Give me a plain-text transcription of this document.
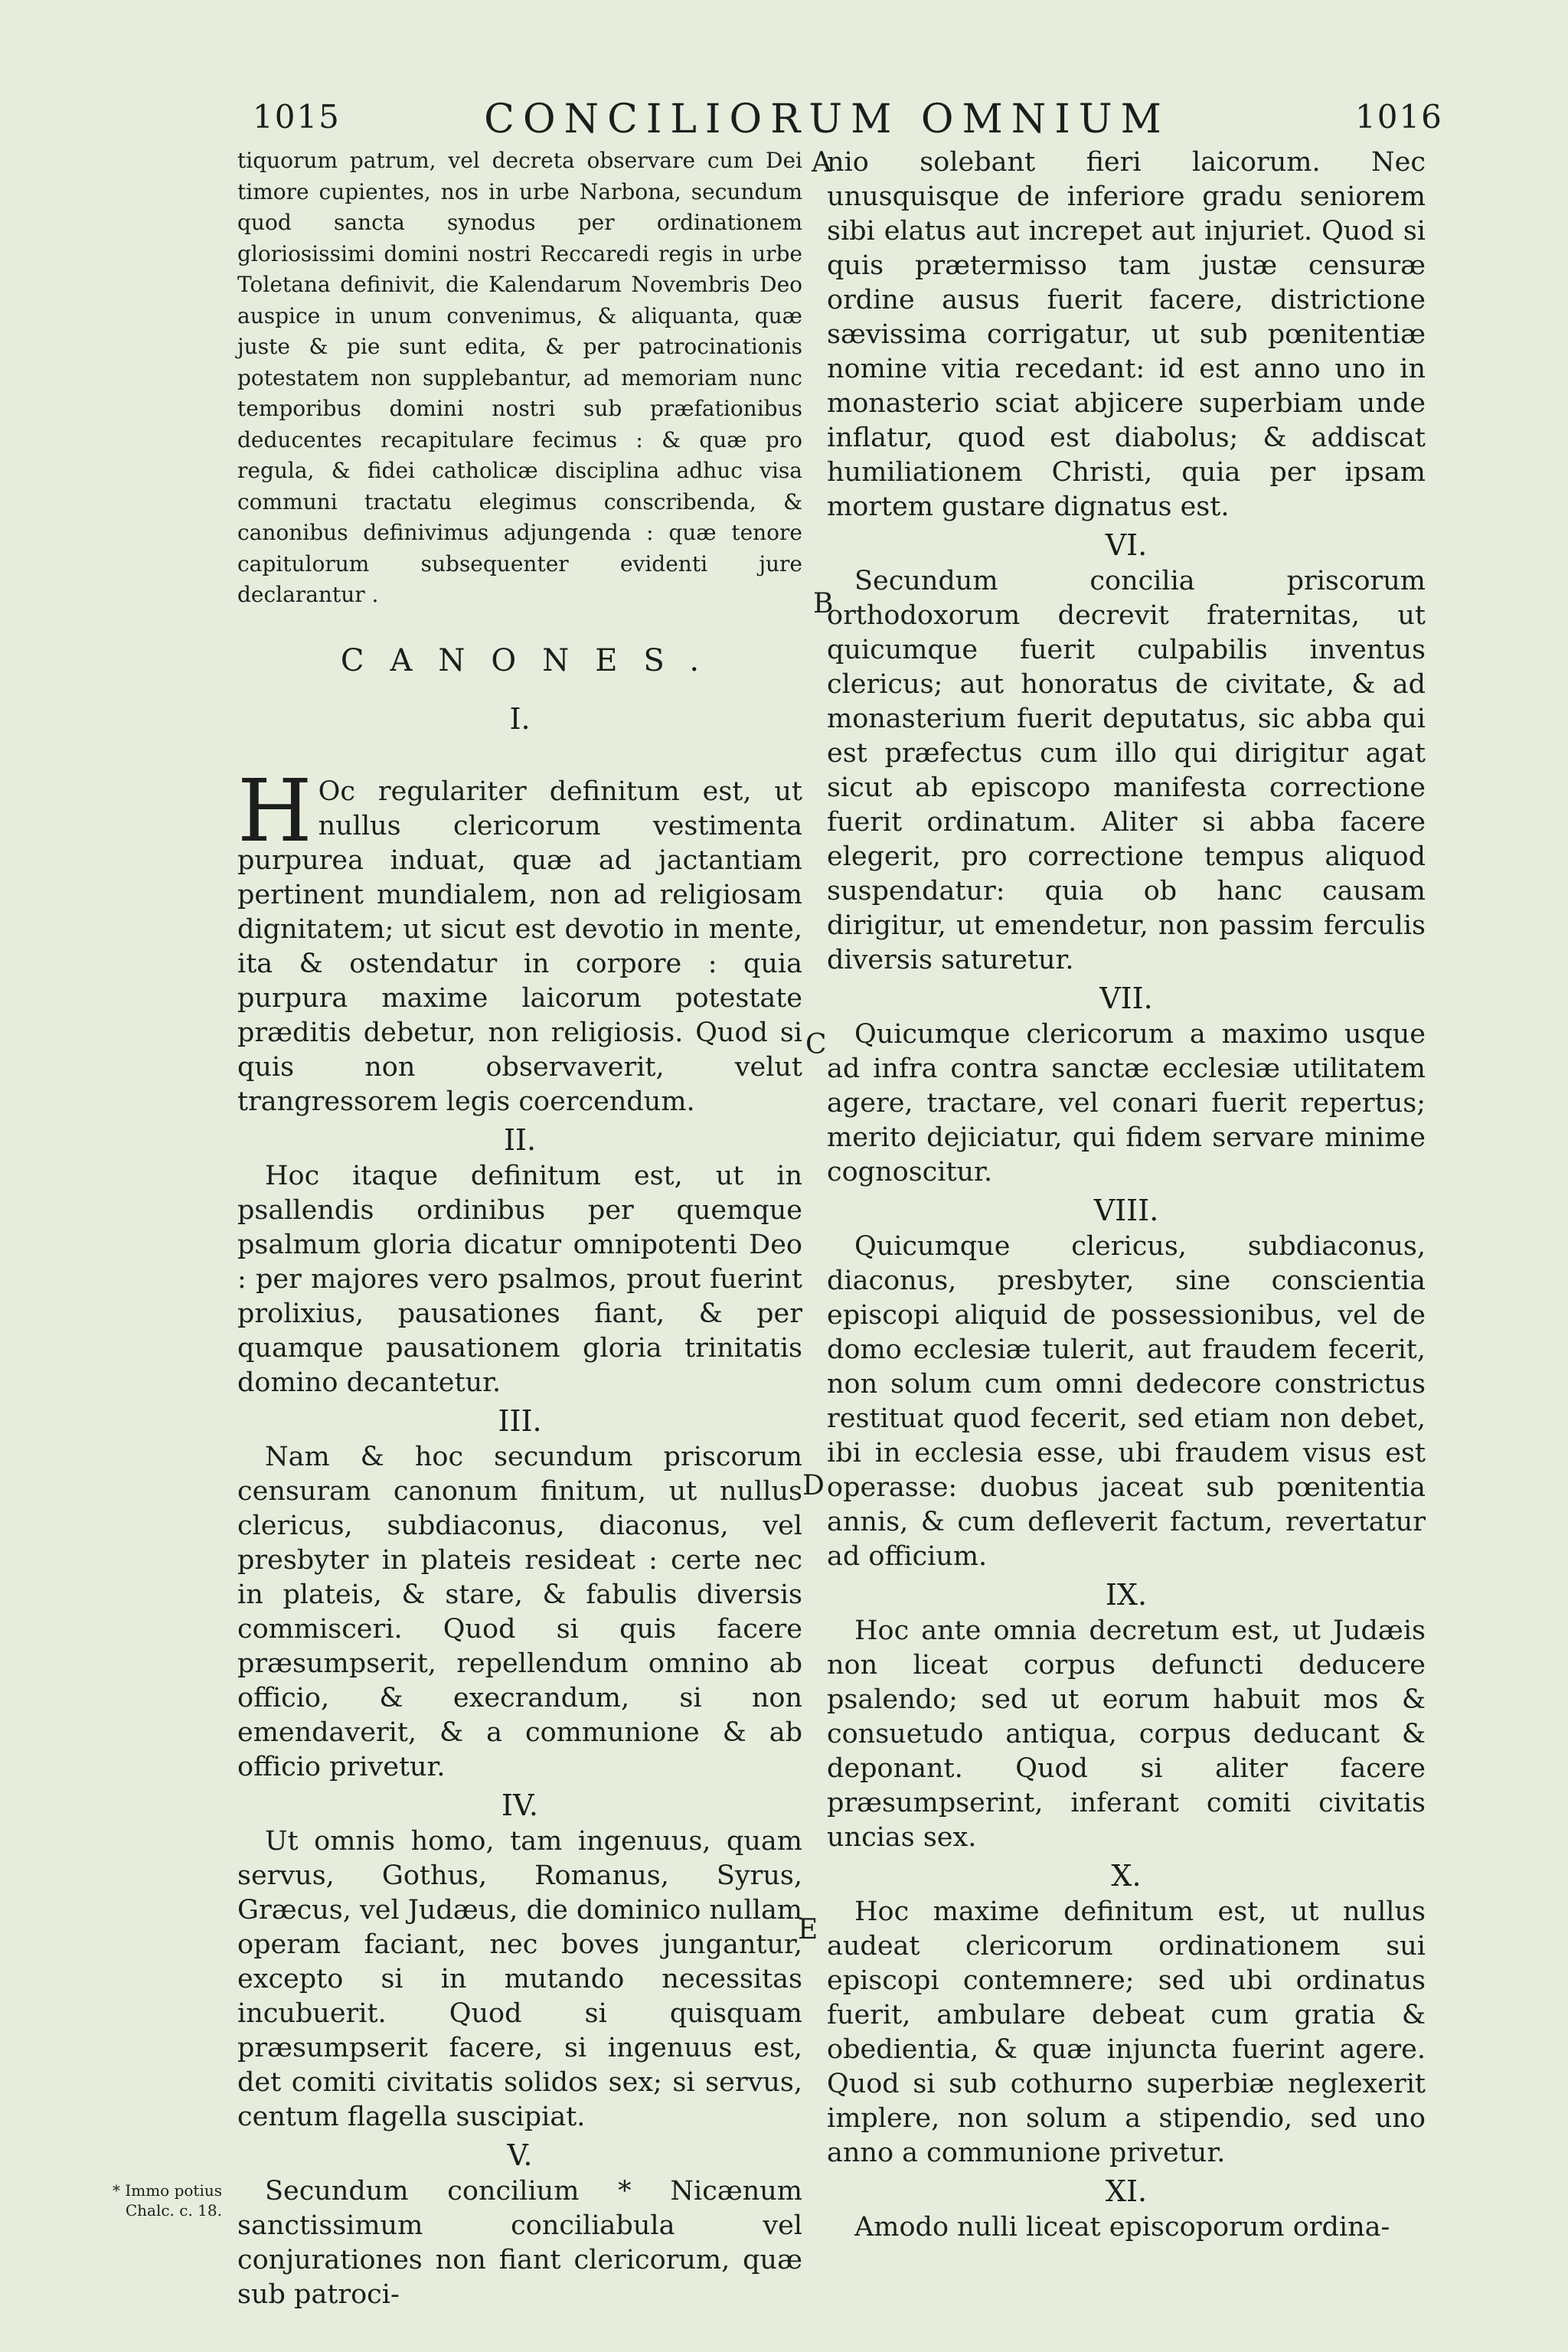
1015	CONCILIORUM OMNIUM	1016
A
B
C
D
E
* Immo potius
Chalc. c. 18.

tiquorum patrum, vel decreta observare cum Dei timore cupientes, nos in urbe Narbona, secundum quod sancta synodus per ordinationem gloriosissimi domini nostri Reccaredi regis in urbe Toletana definivit, die Kalendarum Novembris Deo auspice in unum convenimus, & aliquanta, quæ juste & pie sunt edita, & per patrocinationis potestatem non supplebantur, ad memoriam nunc temporibus domini nostri sub præfationibus deducentes recapitulare fecimus : & quæ pro regula, & fidei catholicæ disciplina adhuc visa communi tractatu elegimus conscribenda, & canonibus definivimus adjungenda : quæ tenore capitulorum subsequenter evidenti jure declarantur .

CANONES.
I.

H Oc regulariter definitum est, ut nullus clericorum vestimenta purpurea induat, quæ ad jactantiam pertinent mundialem, non ad religiosam dignitatem; ut sicut est devotio in mente, ita & ostendatur in corpore : quia purpura maxime laicorum potestate præditis debetur, non religiosis. Quod si quis non observaverit, velut trangressorem legis coercendum.

II.

Hoc itaque definitum est, ut in psallendis ordinibus per quemque psalmum gloria dicatur omnipotenti Deo : per majores vero psalmos, prout fuerint prolixius, pausationes fiant, & per quamque pausationem gloria trinitatis domino decantetur.

III.

Nam & hoc secundum priscorum censuram canonum finitum, ut nullus clericus, subdiaconus, diaconus, vel presbyter in plateis resideat : certe nec in plateis, & stare, & fabulis diversis commisceri. Quod si quis facere præsumpserit, repellendum omnino ab officio, & execrandum, si non emendaverit, & a communione & ab officio privetur.

IV.

Ut omnis homo, tam ingenuus, quam servus, Gothus, Romanus, Syrus, Græcus, vel Judæus, die dominico nullam operam faciant, nec boves jungantur, excepto si in mutando necessitas incubuerit. Quod si quisquam præsumpserit facere, si ingenuus est, det comiti civitatis solidos sex; si servus, centum flagella suscipiat.

V.

Secundum concilium * Nicænum sanctissimum conciliabula vel conjurationes non fiant clericorum, quæ sub patroci-

nio solebant fieri laicorum. Nec unusquisque de inferiore gradu seniorem sibi elatus aut increpet aut injuriet. Quod si quis prætermisso tam justæ censuræ ordine ausus fuerit facere, districtione sævissima corrigatur, ut sub pœnitentiæ nomine vitia recedant: id est anno uno in monasterio sciat abjicere superbiam unde inflatur, quod est diabolus; & addiscat humiliationem Christi, quia per ipsam mortem gustare dignatus est.

VI.

Secundum concilia priscorum orthodoxorum decrevit fraternitas, ut quicumque fuerit culpabilis inventus clericus; aut honoratus de civitate, & ad monasterium fuerit deputatus, sic abba qui est præfectus cum illo qui dirigitur agat sicut ab episcopo manifesta correctione fuerit ordinatum. Aliter si abba facere elegerit, pro correctione tempus aliquod suspendatur: quia ob hanc causam dirigitur, ut emendetur, non passim ferculis diversis saturetur.

VII.

Quicumque clericorum a maximo usque ad infra contra sanctæ ecclesiæ utilitatem agere, tractare, vel conari fuerit repertus; merito dejiciatur, qui fidem servare minime cognoscitur.

VIII.

Quicumque clericus, subdiaconus, diaconus, presbyter, sine conscientia episcopi aliquid de possessionibus, vel de domo ecclesiæ tulerit, aut fraudem fecerit, non solum cum omni dedecore constrictus restituat quod fecerit, sed etiam non debet, ibi in ecclesia esse, ubi fraudem visus est operasse: duobus jaceat sub pœnitentia annis, & cum defleverit factum, revertatur ad officium.

IX.

Hoc ante omnia decretum est, ut Judæis non liceat corpus defuncti deducere psalendo; sed ut eorum habuit mos & consuetudo antiqua, corpus deducant & deponant. Quod si aliter facere præsumpserint, inferant comiti civitatis uncias sex.

X.

Hoc maxime definitum est, ut nullus audeat clericorum ordinationem sui episcopi contemnere; sed ubi ordinatus fuerit, ambulare debeat cum gratia & obedientia, & quæ injuncta fuerint agere. Quod si sub cothurno superbiæ neglexerit implere, non solum a stipendio, sed uno anno a communione privetur.

XI.

Amodo nulli liceat episcoporum ordina-
